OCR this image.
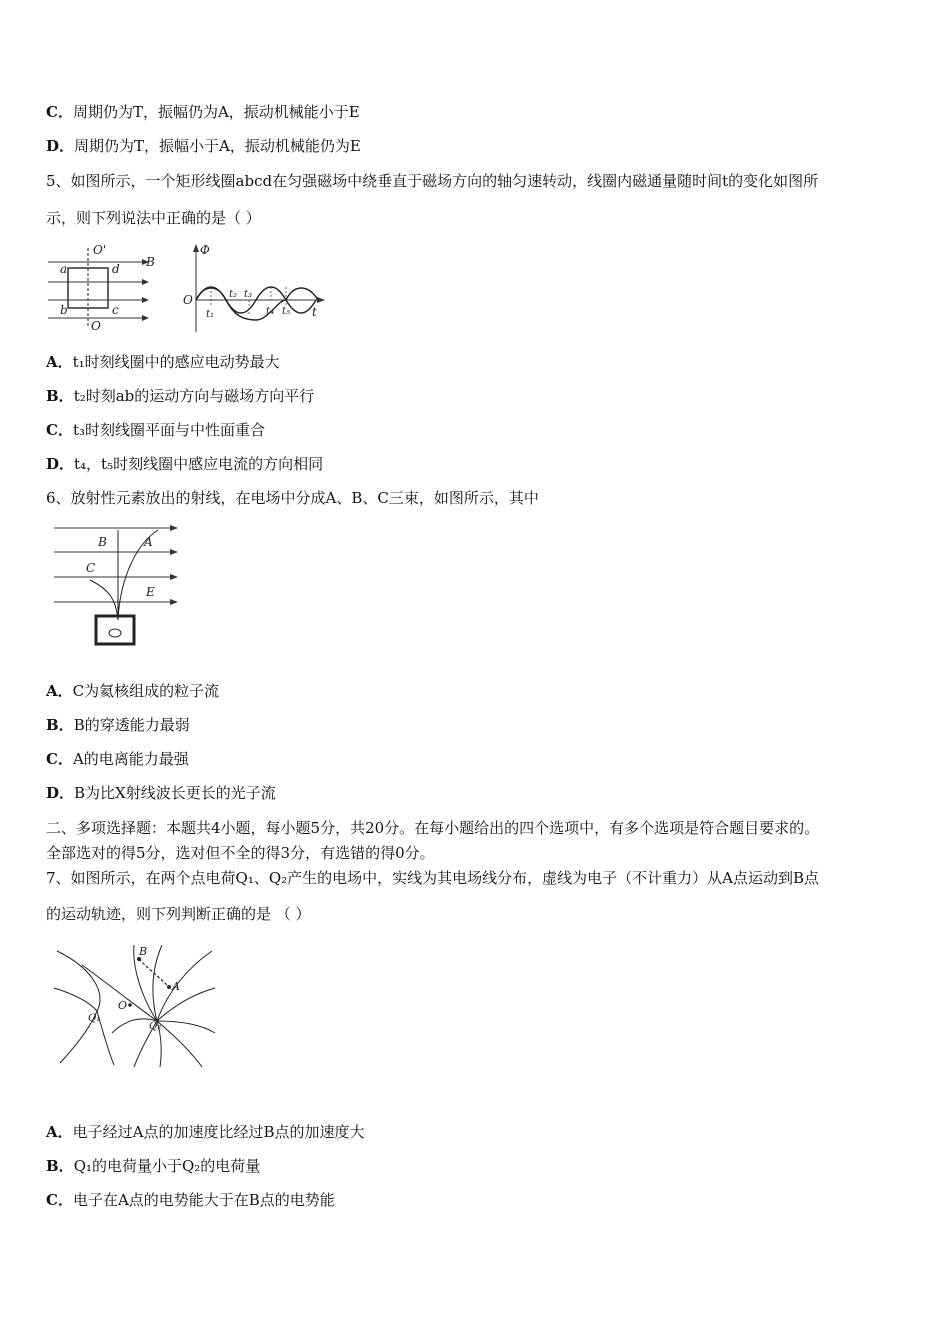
C．周期仍为T，振幅仍为A，振动机械能小于E
D．周期仍为T，振幅小于A，振动机械能仍为E
5、如图所示，一个矩形线圈abcd在匀强磁场中绕垂直于磁场方向的轴匀速转动，线圈内磁通量随时间t的变化如图所
示，则下列说法中正确的是（ ）
a	d
b	c
B
O'
O
Φ
O
t
t₁
t₂ t₃
t₄ t₅
A．t₁时刻线圈中的感应电动势最大
B．t₂时刻ab的运动方向与磁场方向平行
C．t₃时刻线圈平面与中性面重合
D．t₄，t₅时刻线圈中感应电流的方向相同
6、放射性元素放出的射线，在电场中分成A、B、C三束，如图所示，其中
B	A
C
E
A．C为氦核组成的粒子流
B．B的穿透能力最弱
C．A的电离能力最强
D．B为比X射线波长更长的光子流
二、多项选择题：本题共4小题，每小题5分，共20分。在每小题给出的四个选项中，有多个选项是符合题目要求的。
全部选对的得5分，选对但不全的得3分，有选错的得0分。
7、如图所示，在两个点电荷Q₁、Q₂产生的电场中，实线为其电场线分布，虚线为电子（不计重力）从A点运动到B点
的运动轨迹，则下列判断正确的是 （ ）
B
A
O
Q₁
Q₂
A．电子经过A点的加速度比经过B点的加速度大
B．Q₁的电荷量小于Q₂的电荷量
C．电子在A点的电势能大于在B点的电势能
